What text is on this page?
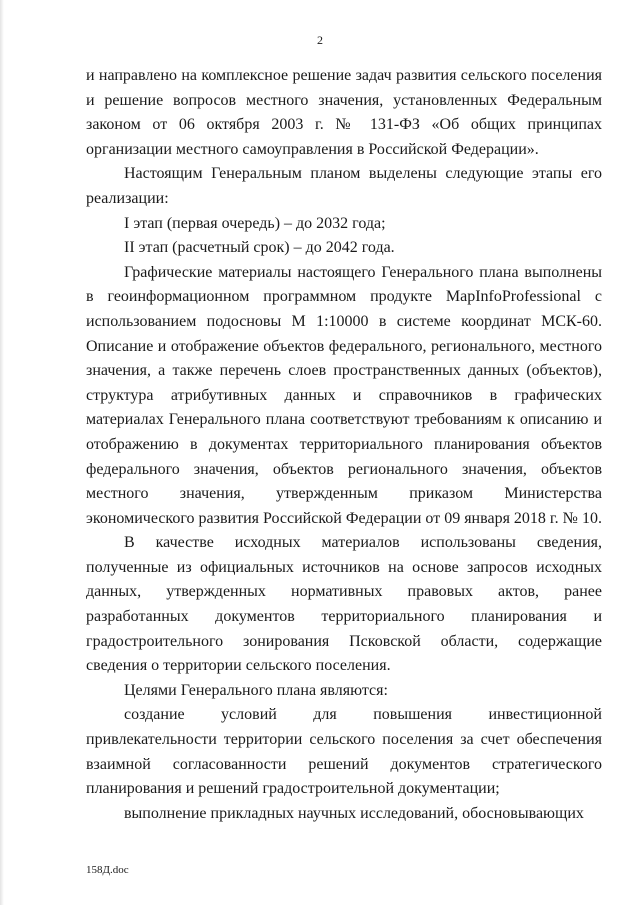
2

и направлено на комплексное решение задач развития сельского поселения и решение вопросов местного значения, установленных Федеральным законом от 06 октября 2003 г. № 131-ФЗ «Об общих принципах организации местного самоуправления в Российской Федерации».

Настоящим Генеральным планом выделены следующие этапы его реализации:

I этап (первая очередь) – до 2032 года;

II этап (расчетный срок) – до 2042 года.

Графические материалы настоящего Генерального плана выполнены в геоинформационном программном продукте MapInfoProfessional с использованием подосновы М 1:10000 в системе координат МСК-60. Описание и отображение объектов федерального, регионального, местного значения, а также перечень слоев пространственных данных (объектов), структура атрибутивных данных и справочников в графических материалах Генерального плана соответствуют требованиям к описанию и отображению в документах территориального планирования объектов федерального значения, объектов регионального значения, объектов местного значения, утвержденным приказом Министерства экономического развития Российской Федерации от 09 января 2018 г. № 10.

В качестве исходных материалов использованы сведения, полученные из официальных источников на основе запросов исходных данных, утвержденных нормативных правовых актов, ранее разработанных документов территориального планирования и градостроительного зонирования Псковской области, содержащие сведения о территории сельского поселения.

Целями Генерального плана являются:

создание условий для повышения инвестиционной привлекательности территории сельского поселения за счет обеспечения взаимной согласованности решений документов стратегического планирования и решений градостроительной документации;

выполнение прикладных научных исследований, обосновывающих

158Д.doc
